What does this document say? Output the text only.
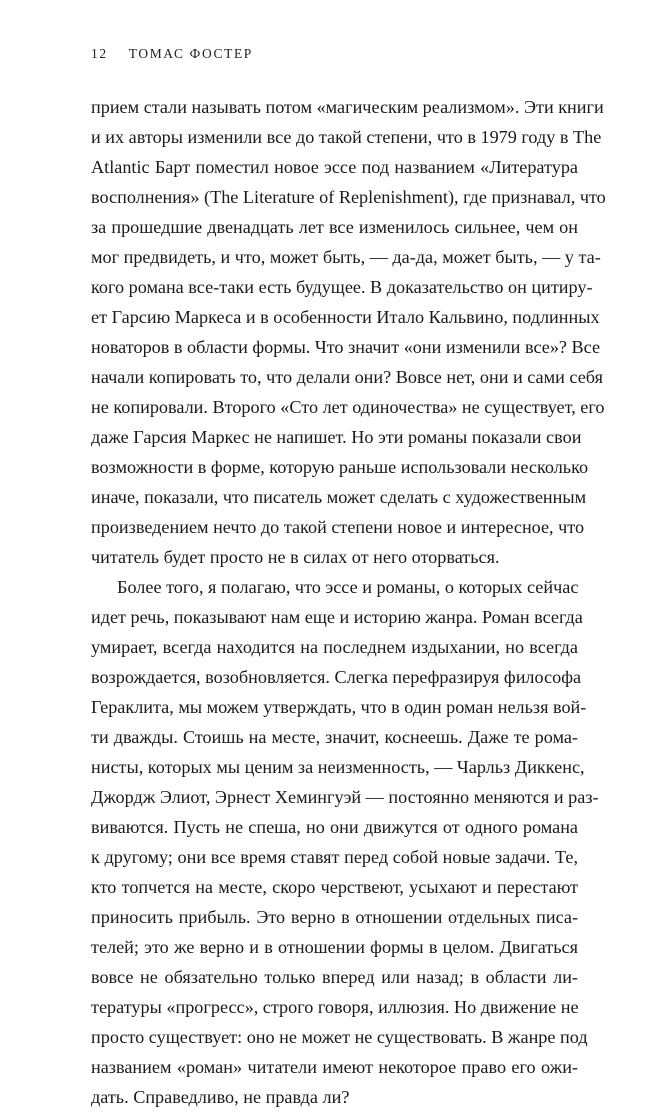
12 ТОМАС ФОСТЕР
прием стали называть потом «магическим реализмом». Эти книги
и их авторы изменили все до такой степени, что в 1979 году в The
Atlantic Барт поместил новое эссе под названием «Литература
восполнения» (The Literature of Replenishment), где признавал, что
за прошедшие двенадцать лет все изменилось сильнее, чем он
мог предвидеть, и что, может быть, — да-да, может быть, — у та-
кого романа все-таки есть будущее. В доказательство он цитиру-
ет Гарсию Маркеса и в особенности Итало Кальвино, подлинных
новаторов в области формы. Что значит «они изменили все»? Все
начали копировать то, что делали они? Вовсе нет, они и сами себя
не копировали. Второго «Сто лет одиночества» не существует, его
даже Гарсия Маркес не напишет. Но эти романы показали свои
возможности в форме, которую раньше использовали несколько
иначе, показали, что писатель может сделать с художественным
произведением нечто до такой степени новое и интересное, что
читатель будет просто не в силах от него оторваться.
Более того, я полагаю, что эссе и романы, о которых сейчас
идет речь, показывают нам еще и историю жанра. Роман всегда
умирает, всегда находится на последнем издыхании, но всегда
возрождается, возобновляется. Слегка перефразируя философа
Гераклита, мы можем утверждать, что в один роман нельзя вой-
ти дважды. Стоишь на месте, значит, коснеешь. Даже те рома-
нисты, которых мы ценим за неизменность, — Чарльз Диккенс,
Джордж Элиот, Эрнест Хемингуэй — постоянно меняются и раз-
виваются. Пусть не спеша, но они движутся от одного романа
к другому; они все время ставят перед собой новые задачи. Те,
кто топчется на месте, скоро черствеют, усыхают и перестают
приносить прибыль. Это верно в отношении отдельных писа-
телей; это же верно и в отношении формы в целом. Двигаться
вовсе не обязательно только вперед или назад; в области ли-
тературы «прогресс», строго говоря, иллюзия. Но движение не
просто существует: оно не может не существовать. В жанре под
названием «роман» читатели имеют некоторое право его ожи-
дать. Справедливо, не правда ли?
